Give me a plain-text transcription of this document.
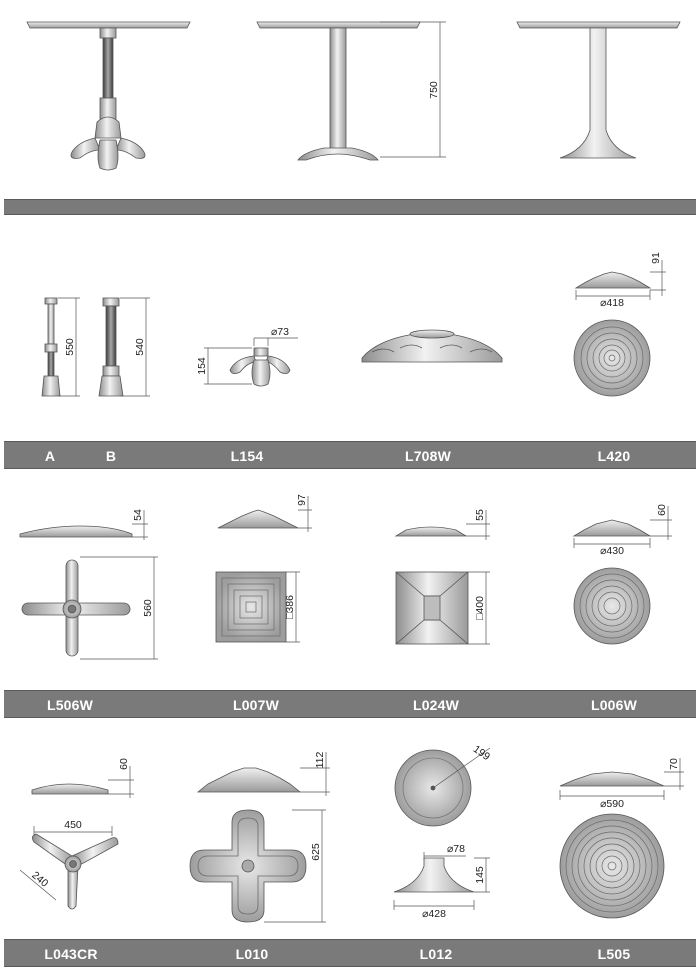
750
550	540
154
⌀73
91
⌀418
54
560
97
□386
55
□400
60
⌀430
60
450
240
112
625
199
⌀78
145
⌀428
70
⌀590
A	B	L154	L708W	L420
L506W	L007W	L024W	L006W
L043CR	L010	L012	L505
